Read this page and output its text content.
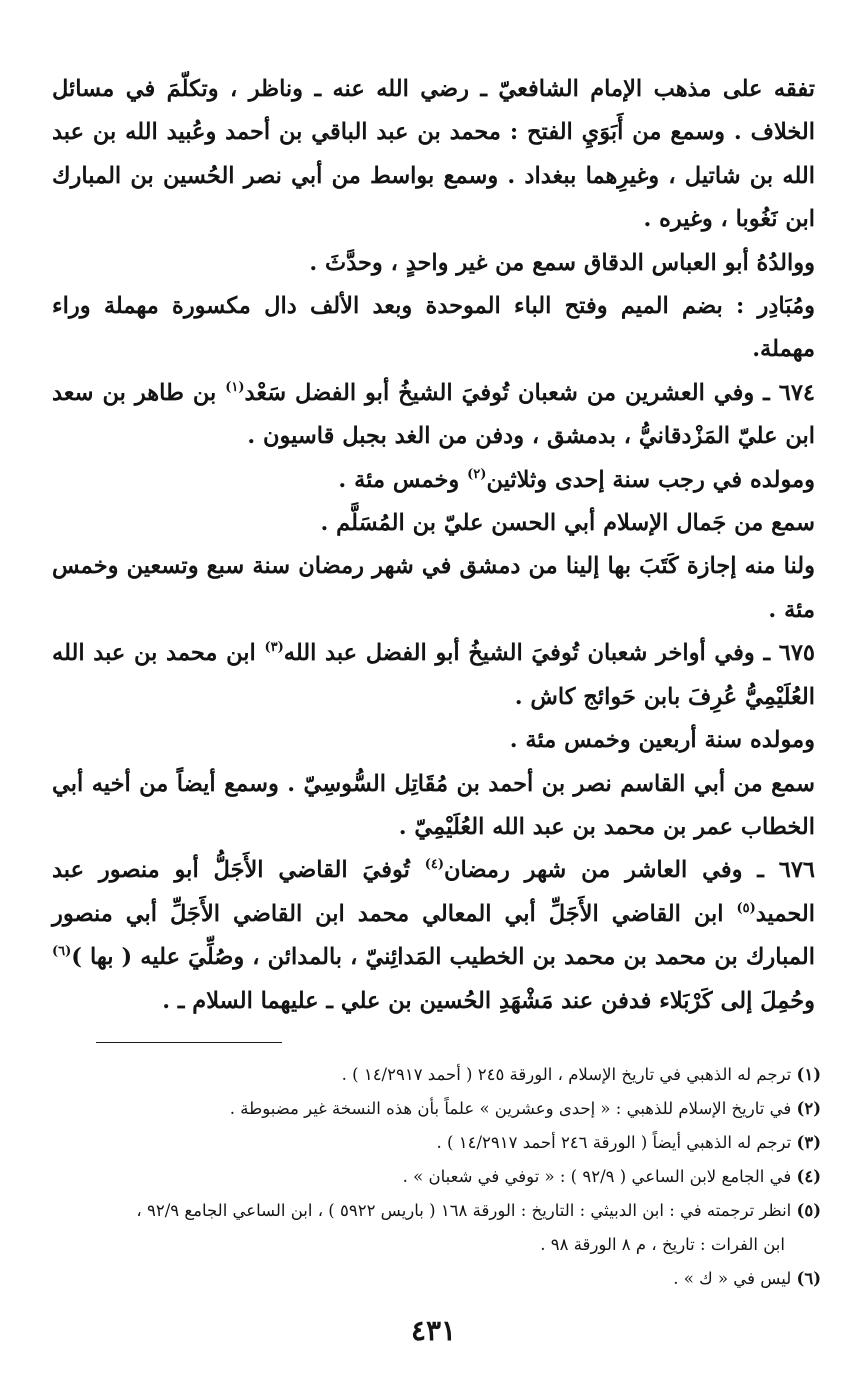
تفقه على مذهب الإمام الشافعيّ ـ رضي الله عنه ـ وناظر ، وتكلّمَ في مسائل الخلاف . وسمع من أَبَوَيِ الفتح : محمد بن عبد الباقي بن أحمد وعُبيد الله بن عبد الله بن شاتيل ، وغيرِهما ببغداد . وسمع بواسط من أبي نصر الحُسين بن المبارك ابن نَغُوبا ، وغيره .

ووالدُهُ أبو العباس الدقاق سمع من غير واحدٍ ، وحدَّثَ .

ومُبَادِر : بضم الميم وفتح الباء الموحدة وبعد الألف دال مكسورة مهملة وراء مهملة.

٦٧٤ ـ وفي العشرين من شعبان تُوفيَ الشيخُ أبو الفضل سَعْد$^{(١)}$ بن طاهر بن سعد ابن عليّ المَزْدقانيُّ ، بدمشق ، ودفن من الغد بجبل قاسيون .

ومولده في رجب سنة إحدى وثلاثين$^{(٢)}$ وخمس مئة .

سمع من جَمال الإسلام أبي الحسن عليّ بن المُسَلَّم .

ولنا منه إجازة كَتَبَ بها إلينا من دمشق في شهر رمضان سنة سبع وتسعين وخمس مئة .

٦٧٥ ـ وفي أواخر شعبان تُوفيَ الشيخُ أبو الفضل عبد الله$^{(٣)}$ ابن محمد بن عبد الله العُلَيْمِيُّ عُرِفَ بابن حَوائج كاش .

ومولده سنة أربعين وخمس مئة .

سمع من أبي القاسم نصر بن أحمد بن مُقَاتِل السُّوسِيّ . وسمع أيضاً من أخيه أبي الخطاب عمر بن محمد بن عبد الله العُلَيْمِيّ .

٦٧٦ ـ وفي العاشر من شهر رمضان$^{(٤)}$ تُوفيَ القاضي الأَجَلُّ أبو منصور عبد الحميد$^{(٥)}$ ابن القاضي الأَجَلِّ أبي المعالي محمد ابن القاضي الأَجَلِّ أبي منصور المبارك بن محمد بن محمد بن الخطيب المَدائِنيّ ، بالمدائن ، وصُلِّيَ عليه ( بها )$^{(٦)}$ وحُمِلَ إلى كَرْبَلاء فدفن عند مَشْهَدِ الحُسين بن علي ـ عليهما السلام ـ .

(١) ترجم له الذهبي في تاريخ الإسلام ، الورقة ٢٤٥ ( أحمد ١٤/٢٩١٧ ) .

(٢) في تاريخ الإسلام للذهبي : « إحدى وعشرين » علماً بأن هذه النسخة غير مضبوطة .

(٣) ترجم له الذهبي أيضاً ( الورقة ٢٤٦ أحمد ١٤/٢٩١٧ ) .

(٤) في الجامع لابن الساعي ( ٩٢/٩ ) : « توفي في شعبان » .

(٥) انظر ترجمته في : ابن الدبيثي : التاريخ : الورقة ١٦٨ ( باريس ٥٩٢٢ ) ، ابن الساعي الجامع ٩٢/٩ ،

ابن الفرات : تاريخ ، م ٨ الورقة ٩٨ .

(٦) ليس في « ك » .

٤٣١
